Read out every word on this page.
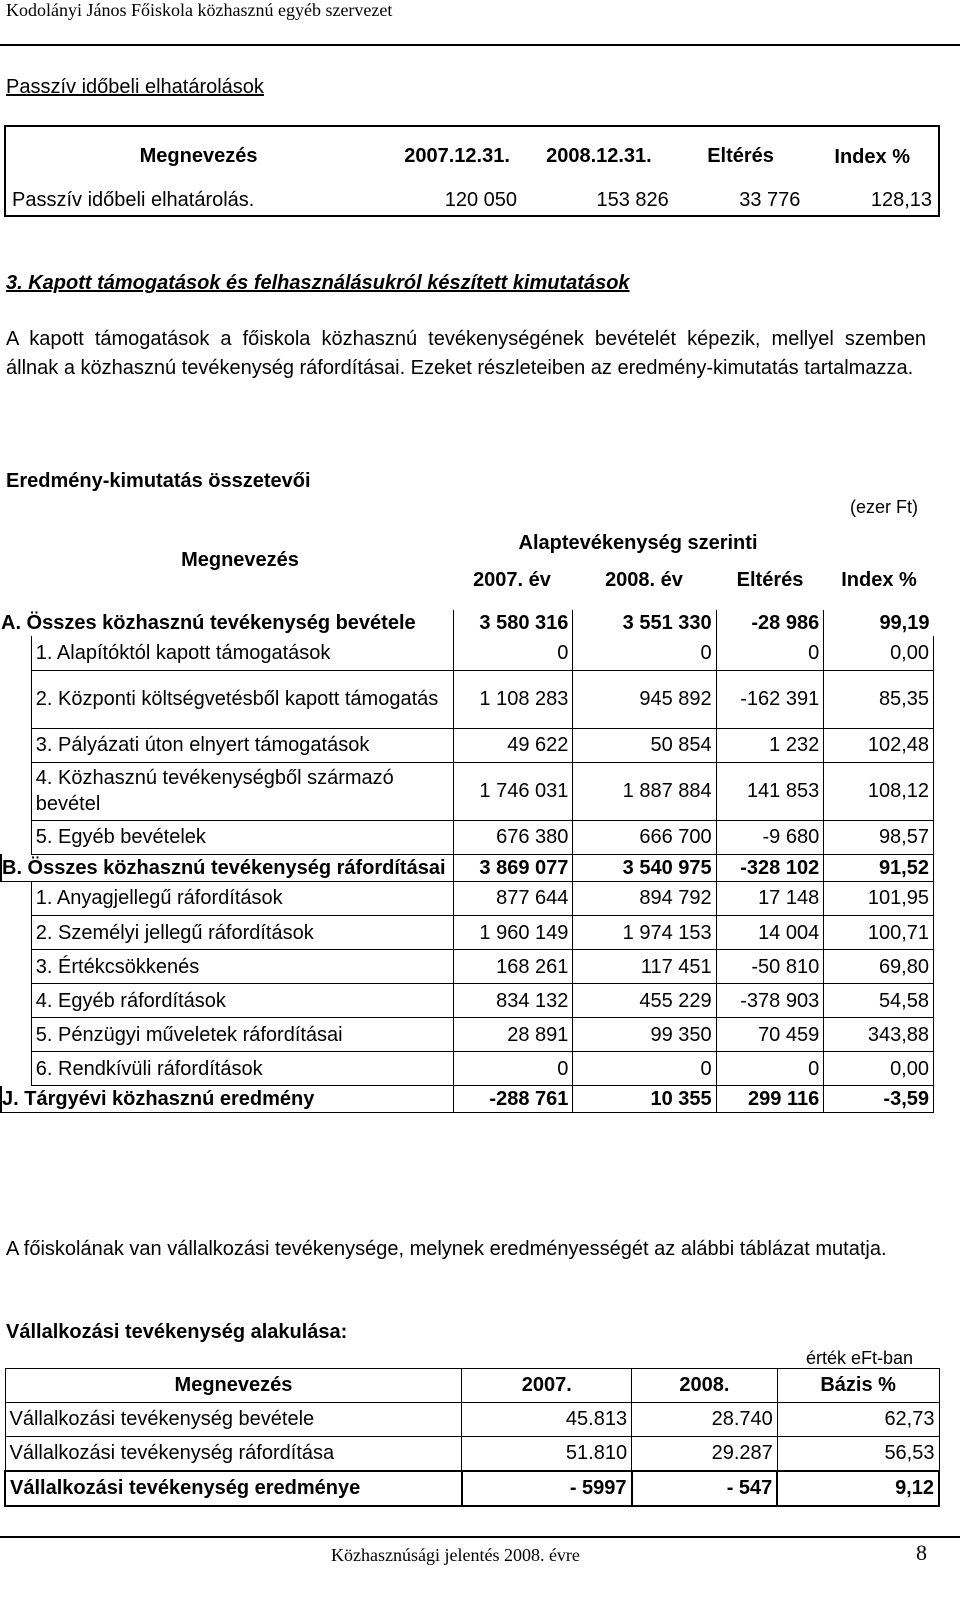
Kodolányi János Főiskola közhasznú egyéb szervezet
Passzív időbeli elhatárolások
Megnevezés	2007.12.31.	2008.12.31.	Eltérés	Index %
Passzív időbeli elhatárolás.	120 050	153 826	33 776	128,13
3. Kapott támogatások és felhasználásukról készített kimutatások
A kapott támogatások a főiskola közhasznú tevékenységének bevételét képezik, mellyel szemben állnak a közhasznú tevékenység ráfordításai. Ezeket részleteiben az eredmény-kimutatás tartalmazza.
Eredmény-kimutatás összetevői
(ezer Ft)
Megnevezés	Alaptevékenység szerinti			
	2007. év	2008. év	Eltérés	Index %
A. Összes közhasznú tevékenység bevétele		3 580 316	3 551 330	-28 986	99,19
	1. Alapítóktól kapott támogatások	0	0	0	0,00
	2. Központi költségvetésből kapott támogatás	1 108 283	945 892	-162 391	85,35
	3. Pályázati úton elnyert támogatások	49 622	50 854	1 232	102,48
	4. Közhasznú tevékenységből származó bevétel	1 746 031	1 887 884	141 853	108,12
	5. Egyéb bevételek	676 380	666 700	-9 680	98,57
B. Összes közhasznú tevékenység ráfordításai		3 869 077	3 540 975	-328 102	91,52
	1. Anyagjellegű ráfordítások	877 644	894 792	17 148	101,95
	2. Személyi jellegű ráfordítások	1 960 149	1 974 153	14 004	100,71
	3. Értékcsökkenés	168 261	117 451	-50 810	69,80
	4. Egyéb ráfordítások	834 132	455 229	-378 903	54,58
	5. Pénzügyi műveletek ráfordításai	28 891	99 350	70 459	343,88
	6. Rendkívüli ráfordítások	0	0	0	0,00
J. Tárgyévi közhasznú eredmény		-288 761	10 355	299 116	-3,59
A főiskolának van vállalkozási tevékenysége, melynek eredményességét az alábbi táblázat mutatja.
Vállalkozási tevékenység alakulása:
érték eFt-ban
Megnevezés	2007.	2008.	Bázis %
Vállalkozási tevékenység bevétele	45.813	28.740	62,73
Vállalkozási tevékenység ráfordítása	51.810	29.287	56,53
Vállalkozási tevékenység eredménye	- 5997	- 547	9,12
Közhasznúsági jelentés 2008. évre	8
